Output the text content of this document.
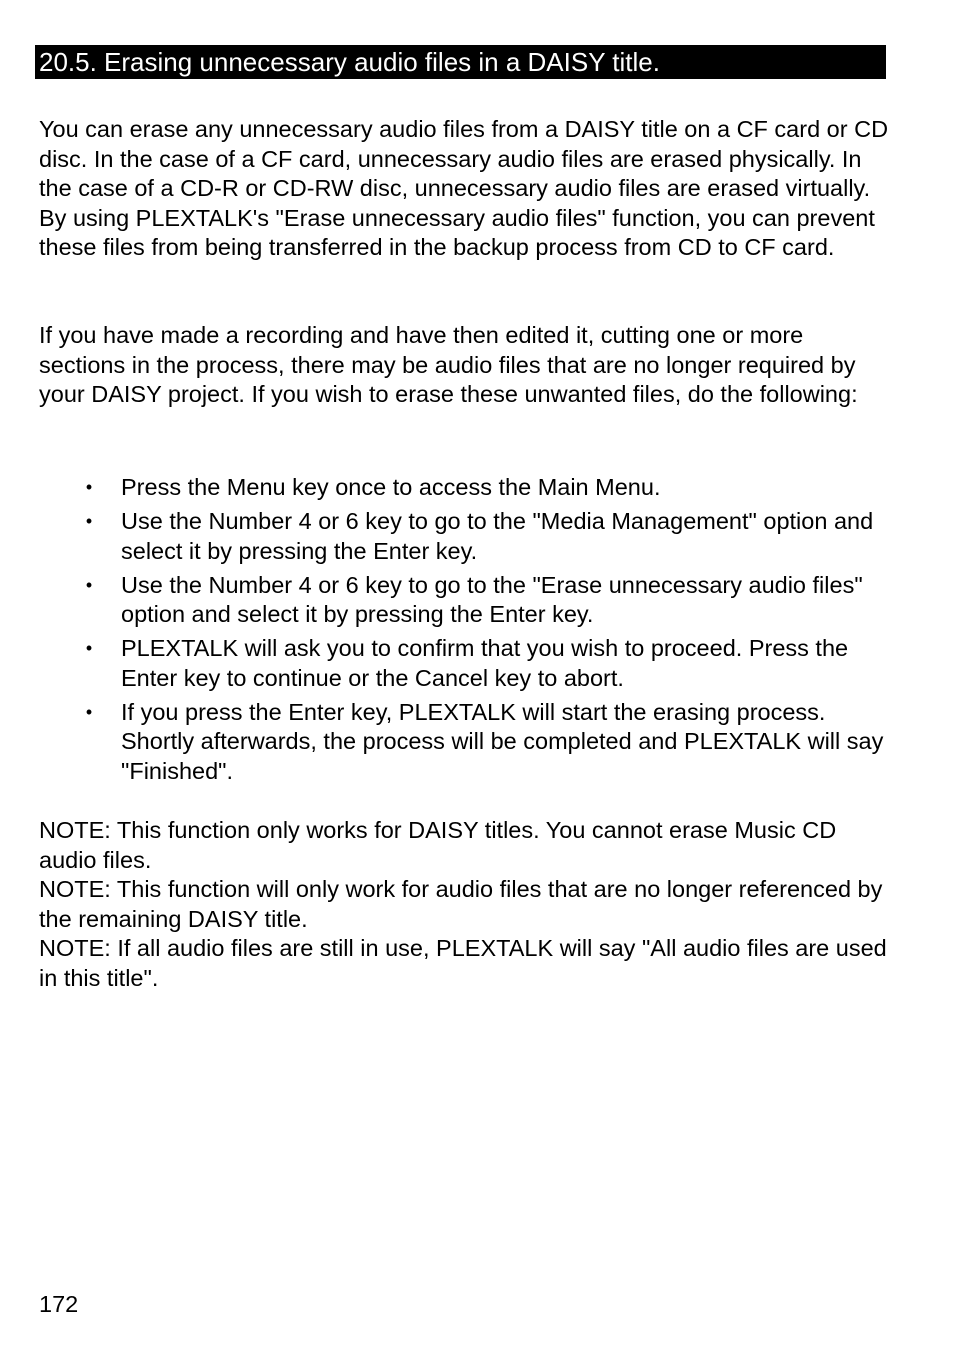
20.5. Erasing unnecessary audio files in a DAISY title.

You can erase any unnecessary audio files from a DAISY title on a CF card or CD disc. In the case of a CF card, unnecessary audio files are erased physically. In the case of a CD-R or CD-RW disc, unnecessary audio files are erased virtually. By using PLEXTALK's "Erase unnecessary audio files" function, you can prevent these files from being transferred in the backup process from CD to CF card.

If you have made a recording and have then edited it, cutting one or more sections in the process, there may be audio files that are no longer required by your DAISY project. If you wish to erase these unwanted files, do the following:

• Press the Menu key once to access the Main Menu.
• Use the Number 4 or 6 key to go to the "Media Management" option and select it by pressing the Enter key.
• Use the Number 4 or 6 key to go to the "Erase unnecessary audio files" option and select it by pressing the Enter key.
• PLEXTALK will ask you to confirm that you wish to proceed. Press the Enter key to continue or the Cancel key to abort.
• If you press the Enter key, PLEXTALK will start the erasing process. Shortly afterwards, the process will be completed and PLEXTALK will say "Finished".

NOTE: This function only works for DAISY titles. You cannot erase Music CD audio files.

NOTE: This function will only work for audio files that are no longer referenced by the remaining DAISY title.

NOTE: If all audio files are still in use, PLEXTALK will say "All audio files are used in this title".

172
